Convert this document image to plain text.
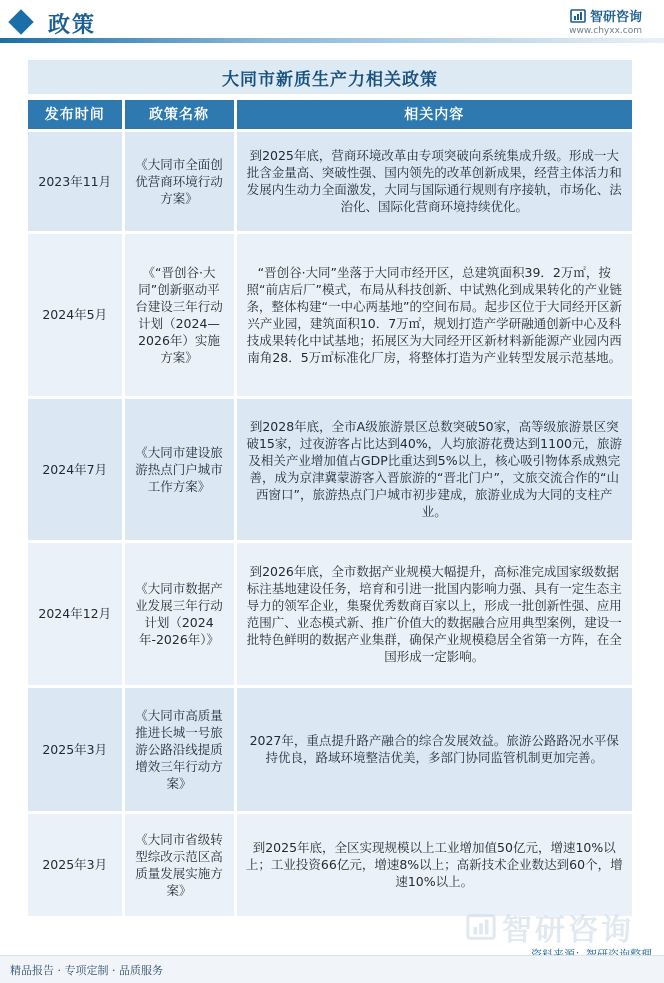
政策	智研咨询
www.chyxx.com
大同市新质生产力相关政策
发布时间	政策名称	相关内容
2023年11月	《大同市全面创优营商环境行动方案》	到2025年底，营商环境改革由专项突破向系统集成升级。形成一大批含金量高、突破性强、国内领先的改革创新成果，经营主体活力和发展内生动力全面激发，大同与国际通行规则有序接轨，市场化、法治化、国际化营商环境持续优化。
2024年5月	《“晋创谷·大同”创新驱动平台建设三年行动计划（2024—2026年）实施方案》	“晋创谷·大同”坐落于大同市经开区，总建筑面积39．2万㎡，按照“前店后厂”模式，布局从科技创新、中试熟化到成果转化的产业链条，整体构建“一中心两基地”的空间布局。起步区位于大同经开区新兴产业园，建筑面积10．7万㎡，规划打造产学研融通创新中心及科技成果转化中试基地；拓展区为大同经开区新材料新能源产业园内西南角28．5万㎡标准化厂房，将整体打造为产业转型发展示范基地。
2024年7月	《大同市建设旅游热点门户城市工作方案》	到2028年底，全市A级旅游景区总数突破50家，高等级旅游景区突破15家，过夜游客占比达到40%，人均旅游花费达到1100元，旅游及相关产业增加值占GDP比重达到5%以上，核心吸引物体系成熟完善，成为京津冀蒙游客入晋旅游的“晋北门户”，文旅交流合作的“山西窗口”，旅游热点门户城市初步建成，旅游业成为大同的支柱产业。
2024年12月	《大同市数据产业发展三年行动计划（2024年-2026年）》	到2026年底，全市数据产业规模大幅提升，高标准完成国家级数据标注基地建设任务，培育和引进一批国内影响力强、具有一定生态主导力的领军企业，集聚优秀数商百家以上，形成一批创新性强、应用范围广、业态模式新、推广价值大的数据融合应用典型案例，建设一批特色鲜明的数据产业集群，确保产业规模稳居全省第一方阵，在全国形成一定影响。
2025年3月	《大同市高质量推进长城一号旅游公路沿线提质增效三年行动方案》	2027年，重点提升路产融合的综合发展效益。旅游公路路况水平保持优良，路域环境整洁优美，多部门协同监管机制更加完善。
2025年3月	《大同市省级转型综改示范区高质量发展实施方案》	到2025年底，全区实现规模以上工业增加值50亿元，增速10%以上；工业投资66亿元，增速8%以上；高新技术企业数达到60个，增速10%以上。
智研咨询
精品报告 · 专项定制 · 品质服务
